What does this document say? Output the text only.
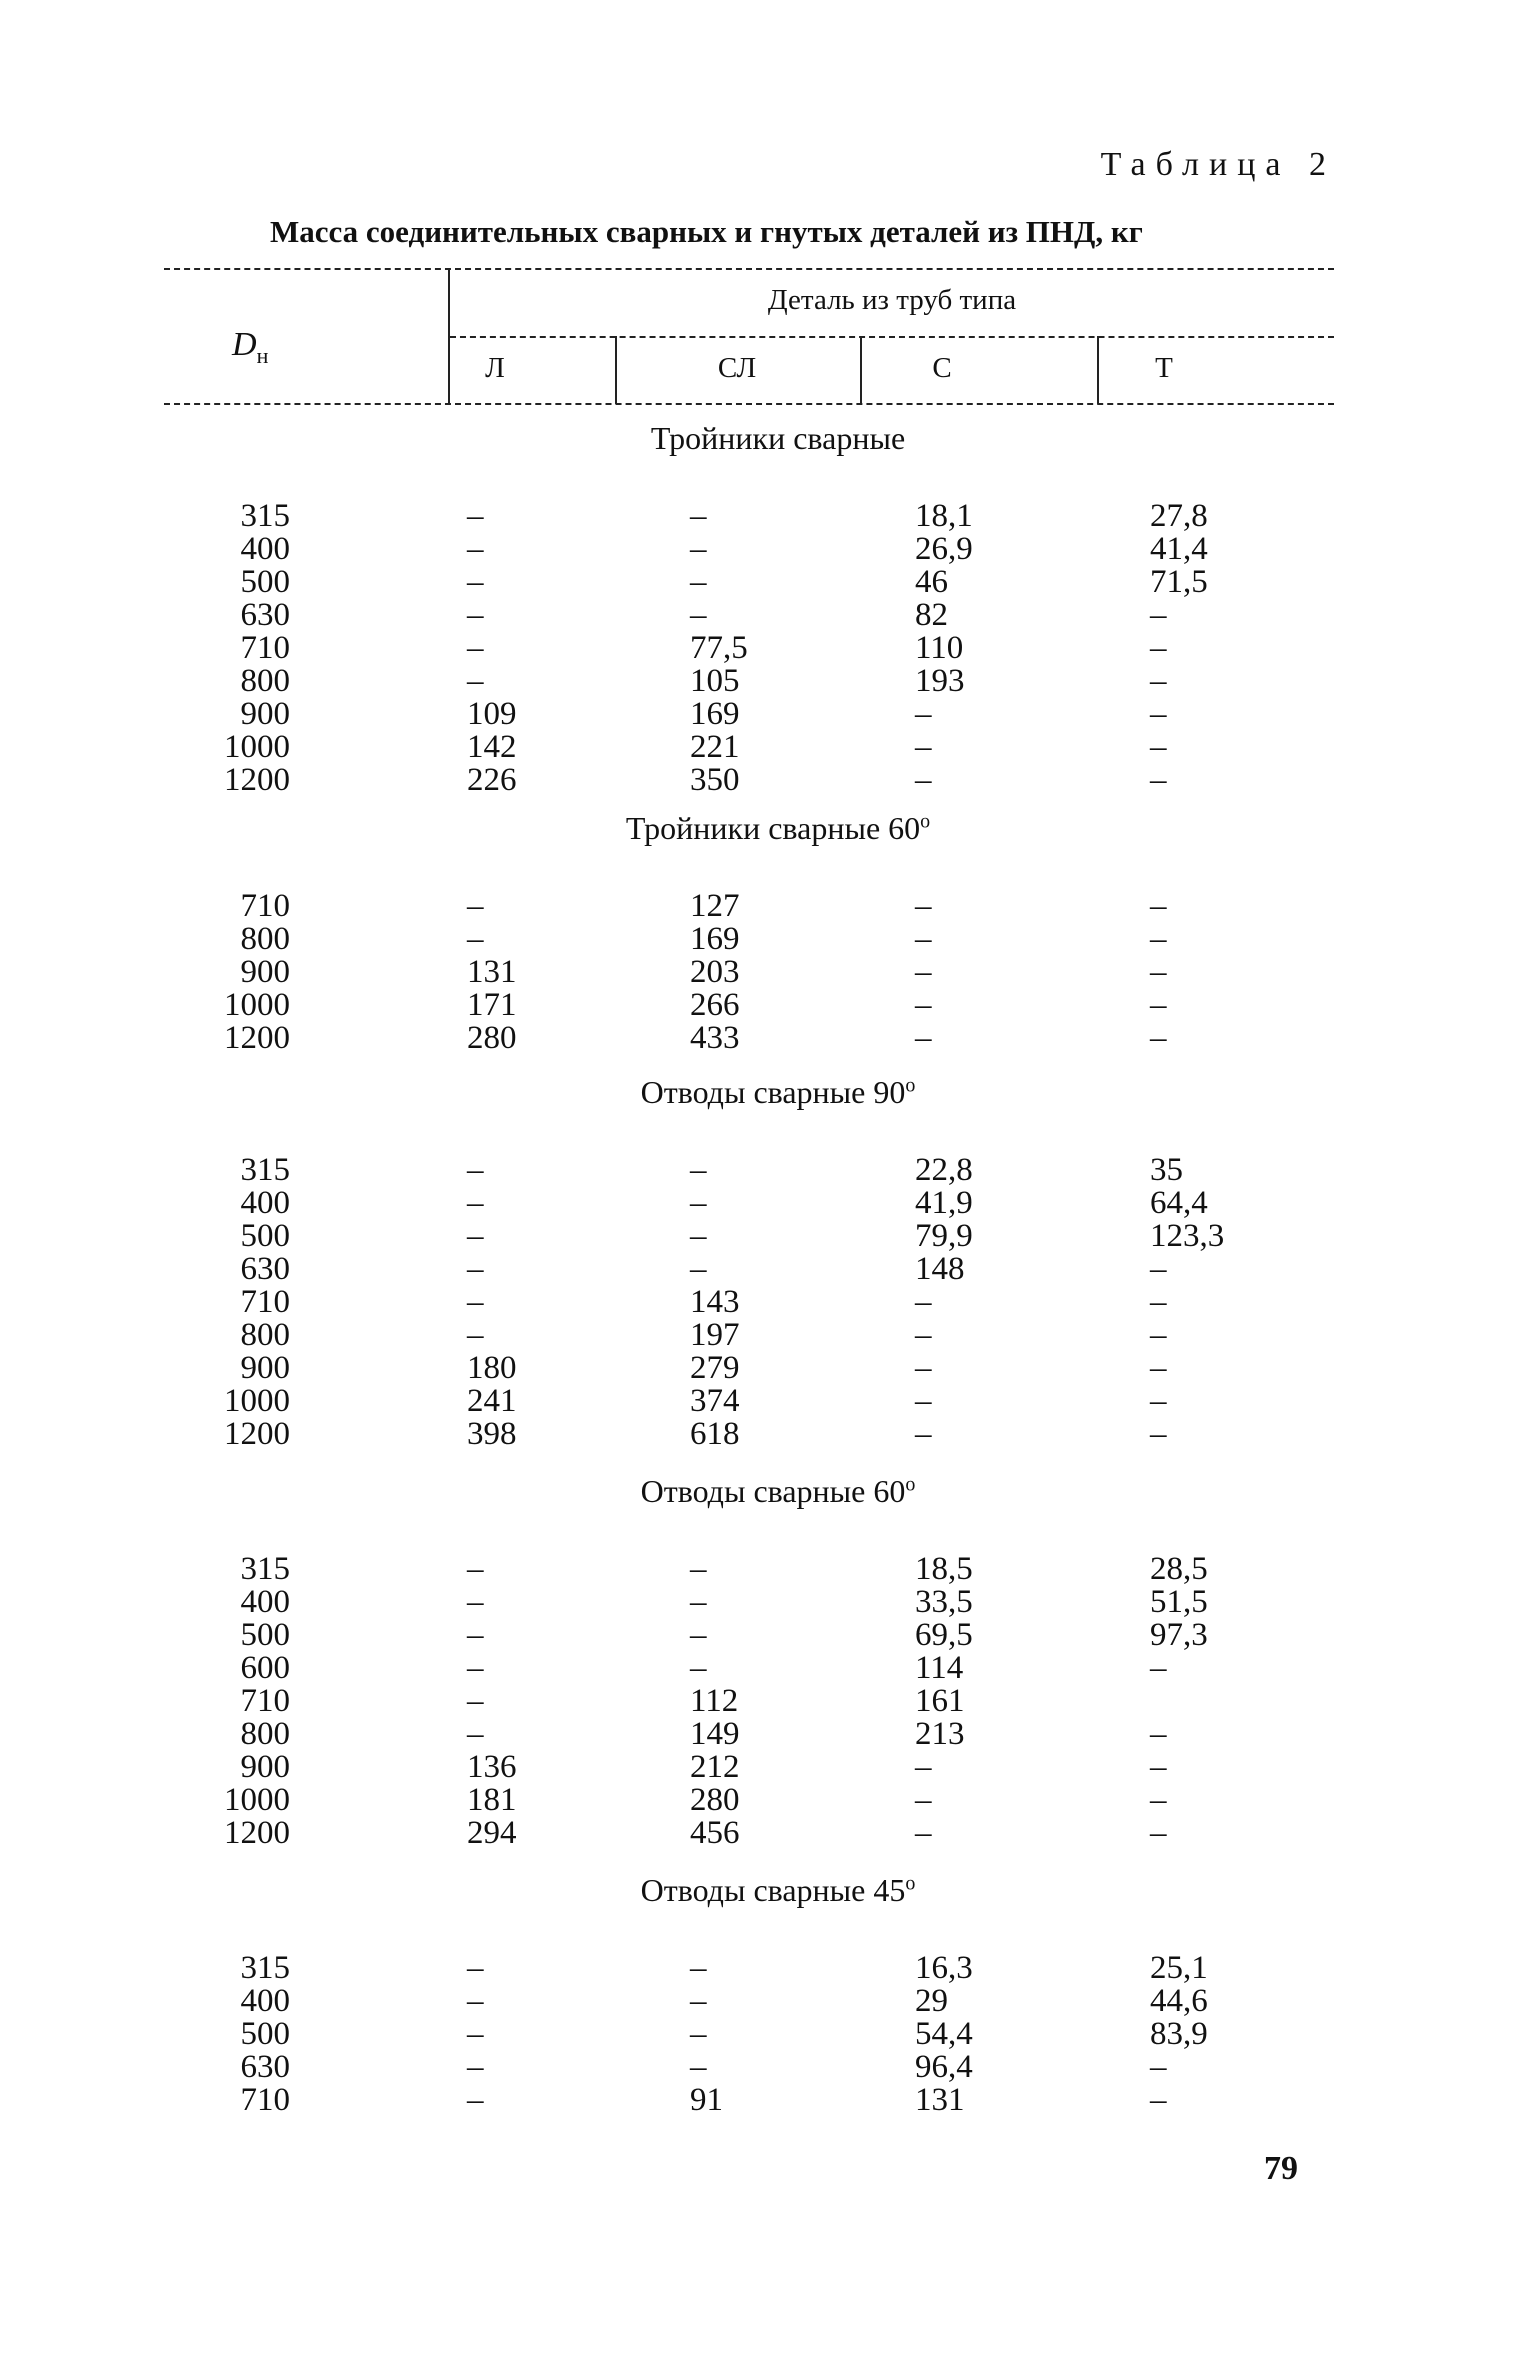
Таблица 2
Масса соединительных сварных и гнутых деталей из ПНД, кг
$D_н$
Деталь из труб типа
Л	СЛ	С	Т
Тройники сварные
315	–	–	18,1	27,8
400	–	–	26,9	41,4
500	–	–	46	71,5
630	–	–	82	–
710	–	77,5	110	–
800	–	105	193	–
900	109	169	–	–
1000	142	221	–	–
1200	226	350	–	–
Тройники сварные 60$^o$
710	–	127	–	–
800	–	169	–	–
900	131	203	–	–
1000	171	266	–	–
1200	280	433	–	–
Отводы сварные 90$^o$
315	–	–	22,8	35
400	–	–	41,9	64,4
500	–	–	79,9	123,3
630	–	–	148	–
710	–	143	–	–
800	–	197	–	–
900	180	279	–	–
1000	241	374	–	–
1200	398	618	–	–
Отводы сварные 60$^o$
315	–	–	18,5	28,5
400	–	–	33,5	51,5
500	–	–	69,5	97,3
600	–	–	114	–
710	–	112	161
800	–	149	213	–
900	136	212	–	–
1000	181	280	–	–
1200	294	456	–	–
Отводы сварные 45$^o$
315	–	–	16,3	25,1
400	–	–	29	44,6
500	–	–	54,4	83,9
630	–	–	96,4	–
710	–	91	131	–
79
